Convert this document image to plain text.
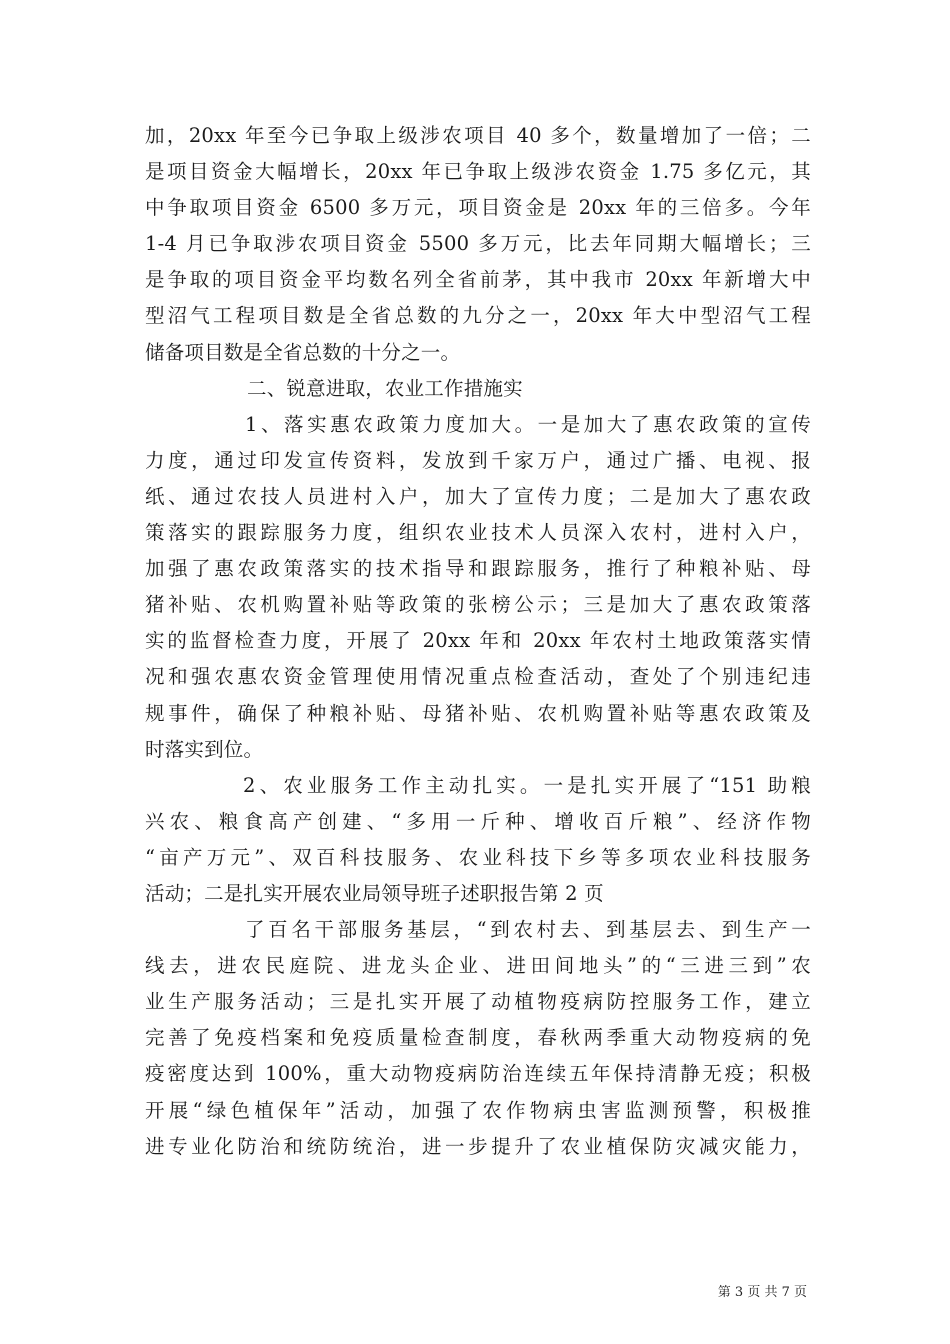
加，20xx 年至今已争取上级涉农项目 40 多个，数量增加了一倍；二
是项目资金大幅增长，20xx 年已争取上级涉农资金 1.75 多亿元，其
中争取项目资金 6500 多万元，项目资金是 20xx 年的三倍多。今年
1-4 月已争取涉农项目资金 5500 多万元，比去年同期大幅增长；三
是争取的项目资金平均数名列全省前茅，其中我市 20xx 年新增大中
型沼气工程项目数是全省总数的九分之一，20xx 年大中型沼气工程
储备项目数是全省总数的十分之一。
二、锐意进取，农业工作措施实
1、落实惠农政策力度加大。一是加大了惠农政策的宣传
力度，通过印发宣传资料，发放到千家万户，通过广播、电视、报
纸、通过农技人员进村入户，加大了宣传力度；二是加大了惠农政
策落实的跟踪服务力度，组织农业技术人员深入农村，进村入户，
加强了惠农政策落实的技术指导和跟踪服务，推行了种粮补贴、母
猪补贴、农机购置补贴等政策的张榜公示；三是加大了惠农政策落
实的监督检查力度，开展了 20xx 年和 20xx 年农村土地政策落实情
况和强农惠农资金管理使用情况重点检查活动，查处了个别违纪违
规事件，确保了种粮补贴、母猪补贴、农机购置补贴等惠农政策及
时落实到位。
2、农业服务工作主动扎实。一是扎实开展了“151 助粮
兴农、粮食高产创建、“多用一斤种、增收百斤粮”、经济作物
“亩产万元”、双百科技服务、农业科技下乡等多项农业科技服务
活动；二是扎实开展农业局领导班子述职报告第 2 页
了百名干部服务基层，“到农村去、到基层去、到生产一
线去，进农民庭院、进龙头企业、进田间地头”的“三进三到”农
业生产服务活动；三是扎实开展了动植物疫病防控服务工作，建立
完善了免疫档案和免疫质量检查制度，春秋两季重大动物疫病的免
疫密度达到 100%，重大动物疫病防治连续五年保持清静无疫；积极
开展“绿色植保年”活动，加强了农作物病虫害监测预警，积极推
进专业化防治和统防统治，进一步提升了农业植保防灾减灾能力，
第 3 页 共 7 页
